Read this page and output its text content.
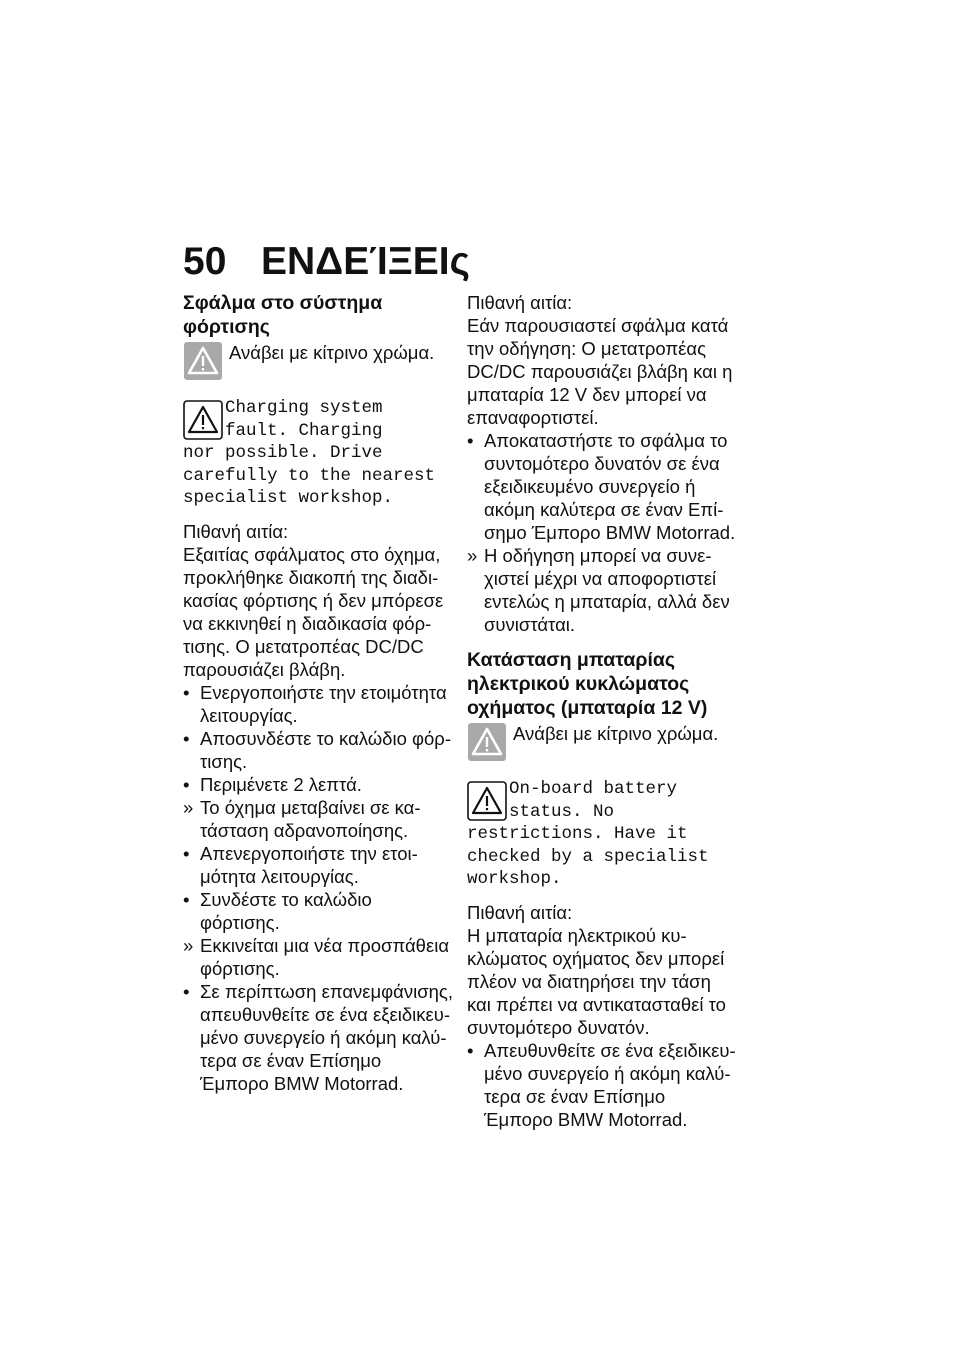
50 ΕΝΔΕΊΞΕΙς
Σφάλμα στο σύστημα φόρτισης

Ανάβει με κίτρινο χρώμα.

Charging system
fault. Charging
nor possible. Drive
carefully to the nearest
specialist workshop.

Πιθανή αιτία:

Εξαιτίας σφάλματος στο όχημα, προκλήθηκε διακοπή της διαδι-κασίας φόρτισης ή δεν μπόρεσε να εκκινηθεί η διαδικασία φόρ-τισης. Ο μετατροπέας DC/DC παρουσιάζει βλάβη.

• Ενεργοποιήστε την ετοιμότητα λειτουργίας.
• Αποσυνδέστε το καλώδιο φόρ-τισης.
• Περιμένετε 2 λεπτά.
» Το όχημα μεταβαίνει σε κα-τάσταση αδρανοποίησης.
• Απενεργοποιήστε την ετοι-μότητα λειτουργίας.
• Συνδέστε το καλώδιο φόρτισης.
» Εκκινείται μια νέα προσπάθεια φόρτισης.
• Σε περίπτωση επανεμφάνισης, απευθυνθείτε σε ένα εξειδικευ-μένο συνεργείο ή ακόμη καλύ-τερα σε έναν Επίσημο Έμπορο BMW Motorrad.

Πιθανή αιτία:

Εάν παρουσιαστεί σφάλμα κατά την οδήγηση: Ο μετατροπέας DC/DC παρουσιάζει βλάβη και η μπαταρία 12 V δεν μπορεί να επαναφορτιστεί.

• Αποκαταστήστε το σφάλμα το συντομότερο δυνατόν σε ένα εξειδικευμένο συνεργείο ή ακόμη καλύτερα σε έναν Επί-σημο Έμπορο BMW Motorrad.
» Η οδήγηση μπορεί να συνε-χιστεί μέχρι να αποφορτιστεί εντελώς η μπαταρία, αλλά δεν συνιστάται.
Κατάσταση μπαταρίας ηλεκτρικού κυκλώματος οχήματος (μπαταρία 12 V)

Ανάβει με κίτρινο χρώμα.

On-board battery
status. No
restrictions. Have it
checked by a specialist
workshop.

Πιθανή αιτία:

Η μπαταρία ηλεκτρικού κυ-κλώματος οχήματος δεν μπορεί πλέον να διατηρήσει την τάση και πρέπει να αντικατασταθεί το συντομότερο δυνατόν.

• Απευθυνθείτε σε ένα εξειδικευ-μένο συνεργείο ή ακόμη καλύ-τερα σε έναν Επίσημο Έμπορο BMW Motorrad.
